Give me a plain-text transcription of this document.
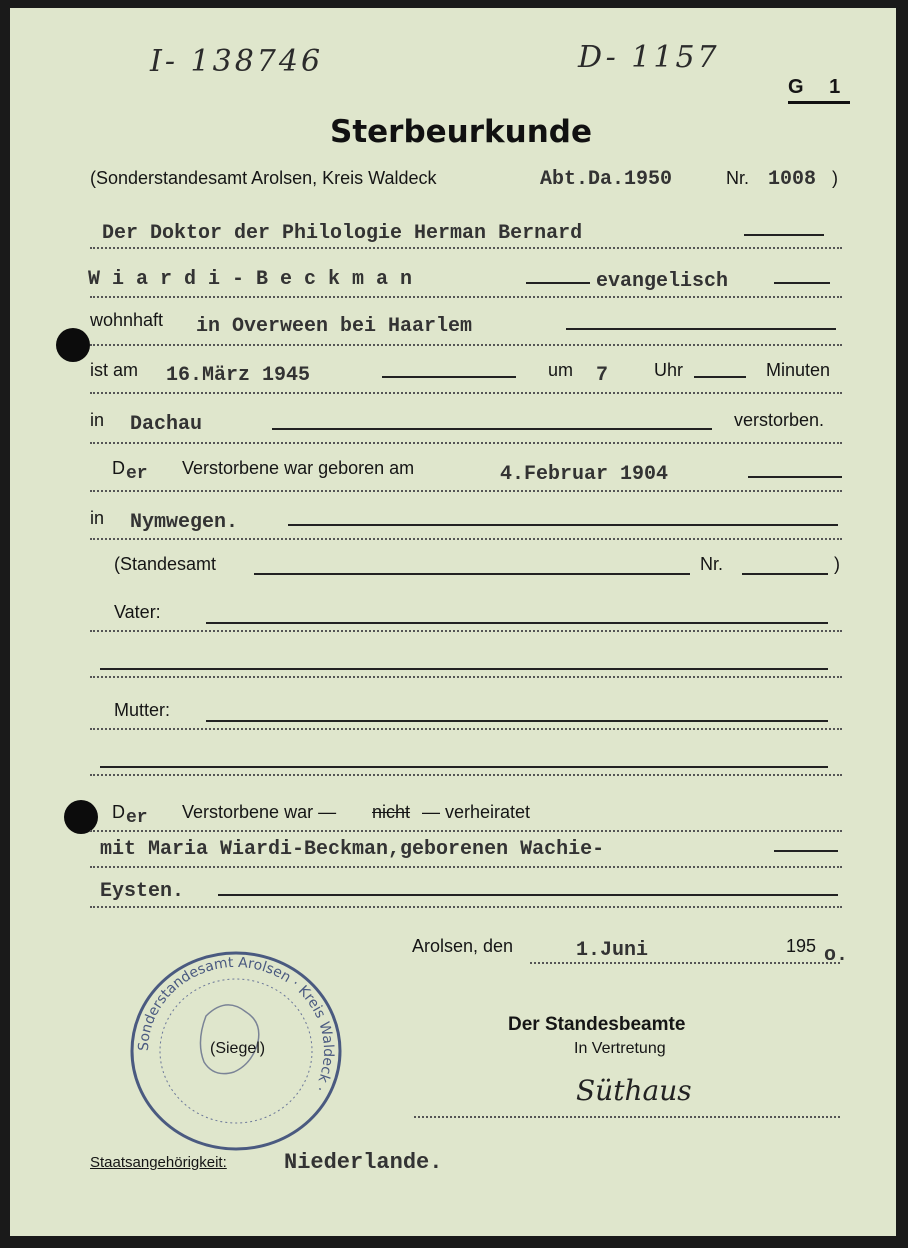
I- 138746	D- 1157
G 1
Sterbeurkunde
(Sonderstandesamt Arolsen, Kreis Waldeck	Abt.Da.1950	Nr. 1008 )
Der Doktor der Philologie Herman Bernard
W i a r d i - B e c k m a n	evangelisch
wohnhaft in Overween bei Haarlem
ist am 16.März 1945	um 7	Uhr	Minuten
in Dachau	verstorben.
D er Verstorbene war geboren am	4.Februar 1904
in Nymwegen.
(Standesamt	Nr.	)
Vater:
Mutter:
D er Verstorbene war — nicht — verheiratet
mit Maria Wiardi-Beckman,geborenen Wachie-
Eysten.
Arolsen, den	1.Juni	195 o.
Sonderstandesamt Arolsen · Kreis Waldeck ·
(Siegel)
Der Standesbeamte
In Vertretung
Süthaus
Staatsangehörigkeit:	Niederlande.
